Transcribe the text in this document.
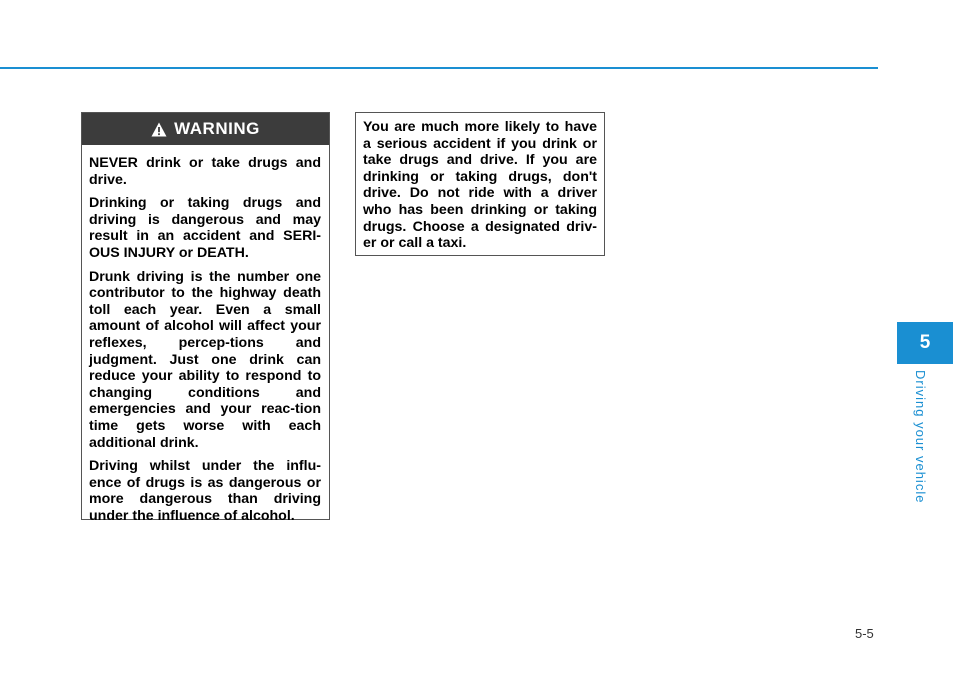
WARNING

NEVER drink or take drugs and drive.

Drinking or taking drugs and driving is dangerous and may result in an accident and SERI-OUS INJURY or DEATH.

Drunk driving is the number one contributor to the highway death toll each year. Even a small amount of alcohol will affect your reflexes, percep-tions and judgment. Just one drink can reduce your ability to respond to changing conditions and emergencies and your reac-tion time gets worse with each additional drink.

Driving whilst under the influ-ence of drugs is as dangerous or more dangerous than driving under the influence of alcohol.

You are much more likely to have a serious accident if you drink or take drugs and drive. If you are drinking or taking drugs, don't drive. Do not ride with a driver who has been drinking or taking drugs. Choose a designated driv-er or call a taxi.

5
Driving your vehicle
5-5
